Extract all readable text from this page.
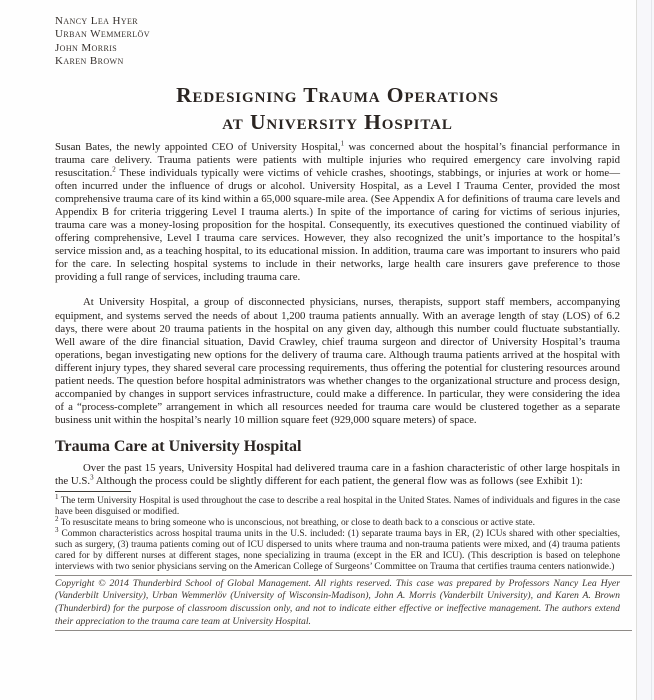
Nancy Lea Hyer
Urban Wemmerlöv
John Morris
Karen Brown
Redesigning Trauma Operations
at University Hospital

Susan Bates, the newly appointed CEO of University Hospital,$^1$ was concerned about the hospital’s financial performance in trauma care delivery. Trauma patients were patients with multiple injuries who required emergency care involving rapid resuscitation.$^2$ These individuals typically were victims of vehicle crashes, shootings, stabbings, or injuries at work or home—often incurred under the influence of drugs or alcohol. University Hospital, as a Level I Trauma Center, provided the most comprehensive trauma care of its kind within a 65,000 square-mile area. (See Appendix A for definitions of trauma care levels and Appendix B for criteria triggering Level I trauma alerts.) In spite of the importance of caring for victims of serious injuries, trauma care was a money-losing proposition for the hospital. Consequently, its executives questioned the continued viability of offering comprehensive, Level I trauma care services. However, they also recognized the unit’s importance to the hospital’s service mission and, as a teaching hospital, to its educational mission. In addition, trauma care was important to insurers who paid for the care. In selecting hospital systems to include in their networks, large health care insurers gave preference to those providing a full range of services, including trauma care.

At University Hospital, a group of disconnected physicians, nurses, therapists, support staff members, accompanying equipment, and systems served the needs of about 1,200 trauma patients annually. With an average length of stay (LOS) of 6.2 days, there were about 20 trauma patients in the hospital on any given day, although this number could fluctuate substantially. Well aware of the dire financial situation, David Crawley, chief trauma surgeon and director of University Hospital’s trauma operations, began investigating new options for the delivery of trauma care. Although trauma patients arrived at the hospital with different injury types, they shared several care processing requirements, thus offering the potential for clustering resources around patient needs. The question before hospital administrators was whether changes to the organizational structure and process design, accompanied by changes in support services infrastructure, could make a difference. In particular, they were considering the idea of a “process-complete” arrangement in which all resources needed for trauma care would be clustered together as a separate business unit within the hospital’s nearly 10 million square feet (929,000 square meters) of space.

Trauma Care at University Hospital

Over the past 15 years, University Hospital had delivered trauma care in a fashion characteristic of other large hospitals in the U.S.$^3$ Although the process could be slightly different for each patient, the general flow was as follows (see Exhibit 1):

$^1$ The term University Hospital is used throughout the case to describe a real hospital in the United States. Names of individuals and figures in the case have been disguised or modified.
$^2$ To resuscitate means to bring someone who is unconscious, not breathing, or close to death back to a conscious or active state.
$^3$ Common characteristics across hospital trauma units in the U.S. included: (1) separate trauma bays in ER, (2) ICUs shared with other specialties, such as surgery, (3) trauma patients coming out of ICU dispersed to units where trauma and non-trauma patients were mixed, and (4) trauma patients cared for by different nurses at different stages, none specializing in trauma (except in the ER and ICU). (This description is based on telephone interviews with two senior physicians serving on the American College of Surgeons’ Committee on Trauma that certifies trauma centers nationwide.)

Copyright © 2014 Thunderbird School of Global Management. All rights reserved. This case was prepared by Professors Nancy Lea Hyer (Vanderbilt University), Urban Wemmerlöv (University of Wisconsin-Madison), John A. Morris (Vanderbilt University), and Karen A. Brown (Thunderbird) for the purpose of classroom discussion only, and not to indicate either effective or ineffective management. The authors extend their appreciation to the trauma care team at University Hospital.
